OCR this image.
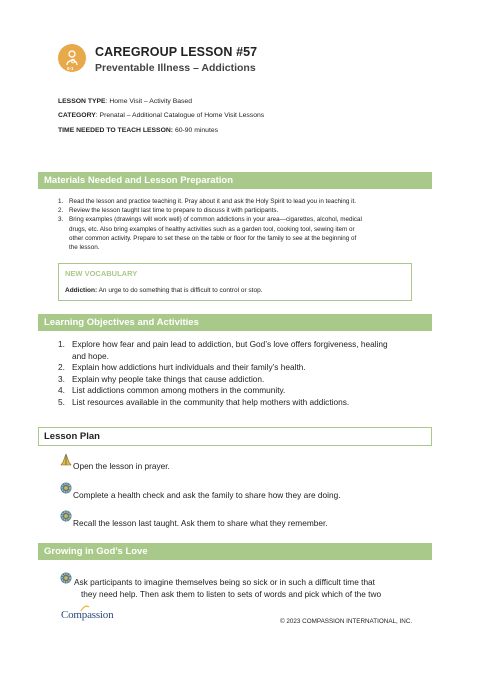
0-1
CAREGROUP LESSON #57
Preventable Illness – Addictions
LESSON TYPE: Home Visit – Activity Based
CATEGORY: Prenatal – Additional Catalogue of Home Visit Lessons
TIME NEEDED TO TEACH LESSON: 60-90 minutes
Materials Needed and Lesson Preparation
1. Read the lesson and practice teaching it. Pray about it and ask the Holy Spirit to lead you in teaching it.
2. Review the lesson taught last time to prepare to discuss it with participants.
3. Bring examples (drawings will work well) of common addictions in your area—cigarettes, alcohol, medical
drugs, etc. Also bring examples of healthy activities such as a garden tool, cooking tool, sewing item or
other common activity. Prepare to set these on the table or floor for the family to see at the beginning of
the lesson.
NEW VOCABULARY
Addiction: An urge to do something that is difficult to control or stop.
Learning Objectives and Activities
1. Explore how fear and pain lead to addiction, but God’s love offers forgiveness, healing
and hope.
2. Explain how addictions hurt individuals and their family’s health.
3. Explain why people take things that cause addiction.
4. List addictions common among mothers in the community.
5. List resources available in the community that help mothers with addictions.
Lesson Plan
Open the lesson in prayer.
Complete a health check and ask the family to share how they are doing.
Recall the lesson last taught. Ask them to share what they remember.
Growing in God’s Love
Ask participants to imagine themselves being so sick or in such a difficult time that
they need help. Then ask them to listen to sets of words and pick which of the two
Compassion
© 2023 COMPASSION INTERNATIONAL, INC.
